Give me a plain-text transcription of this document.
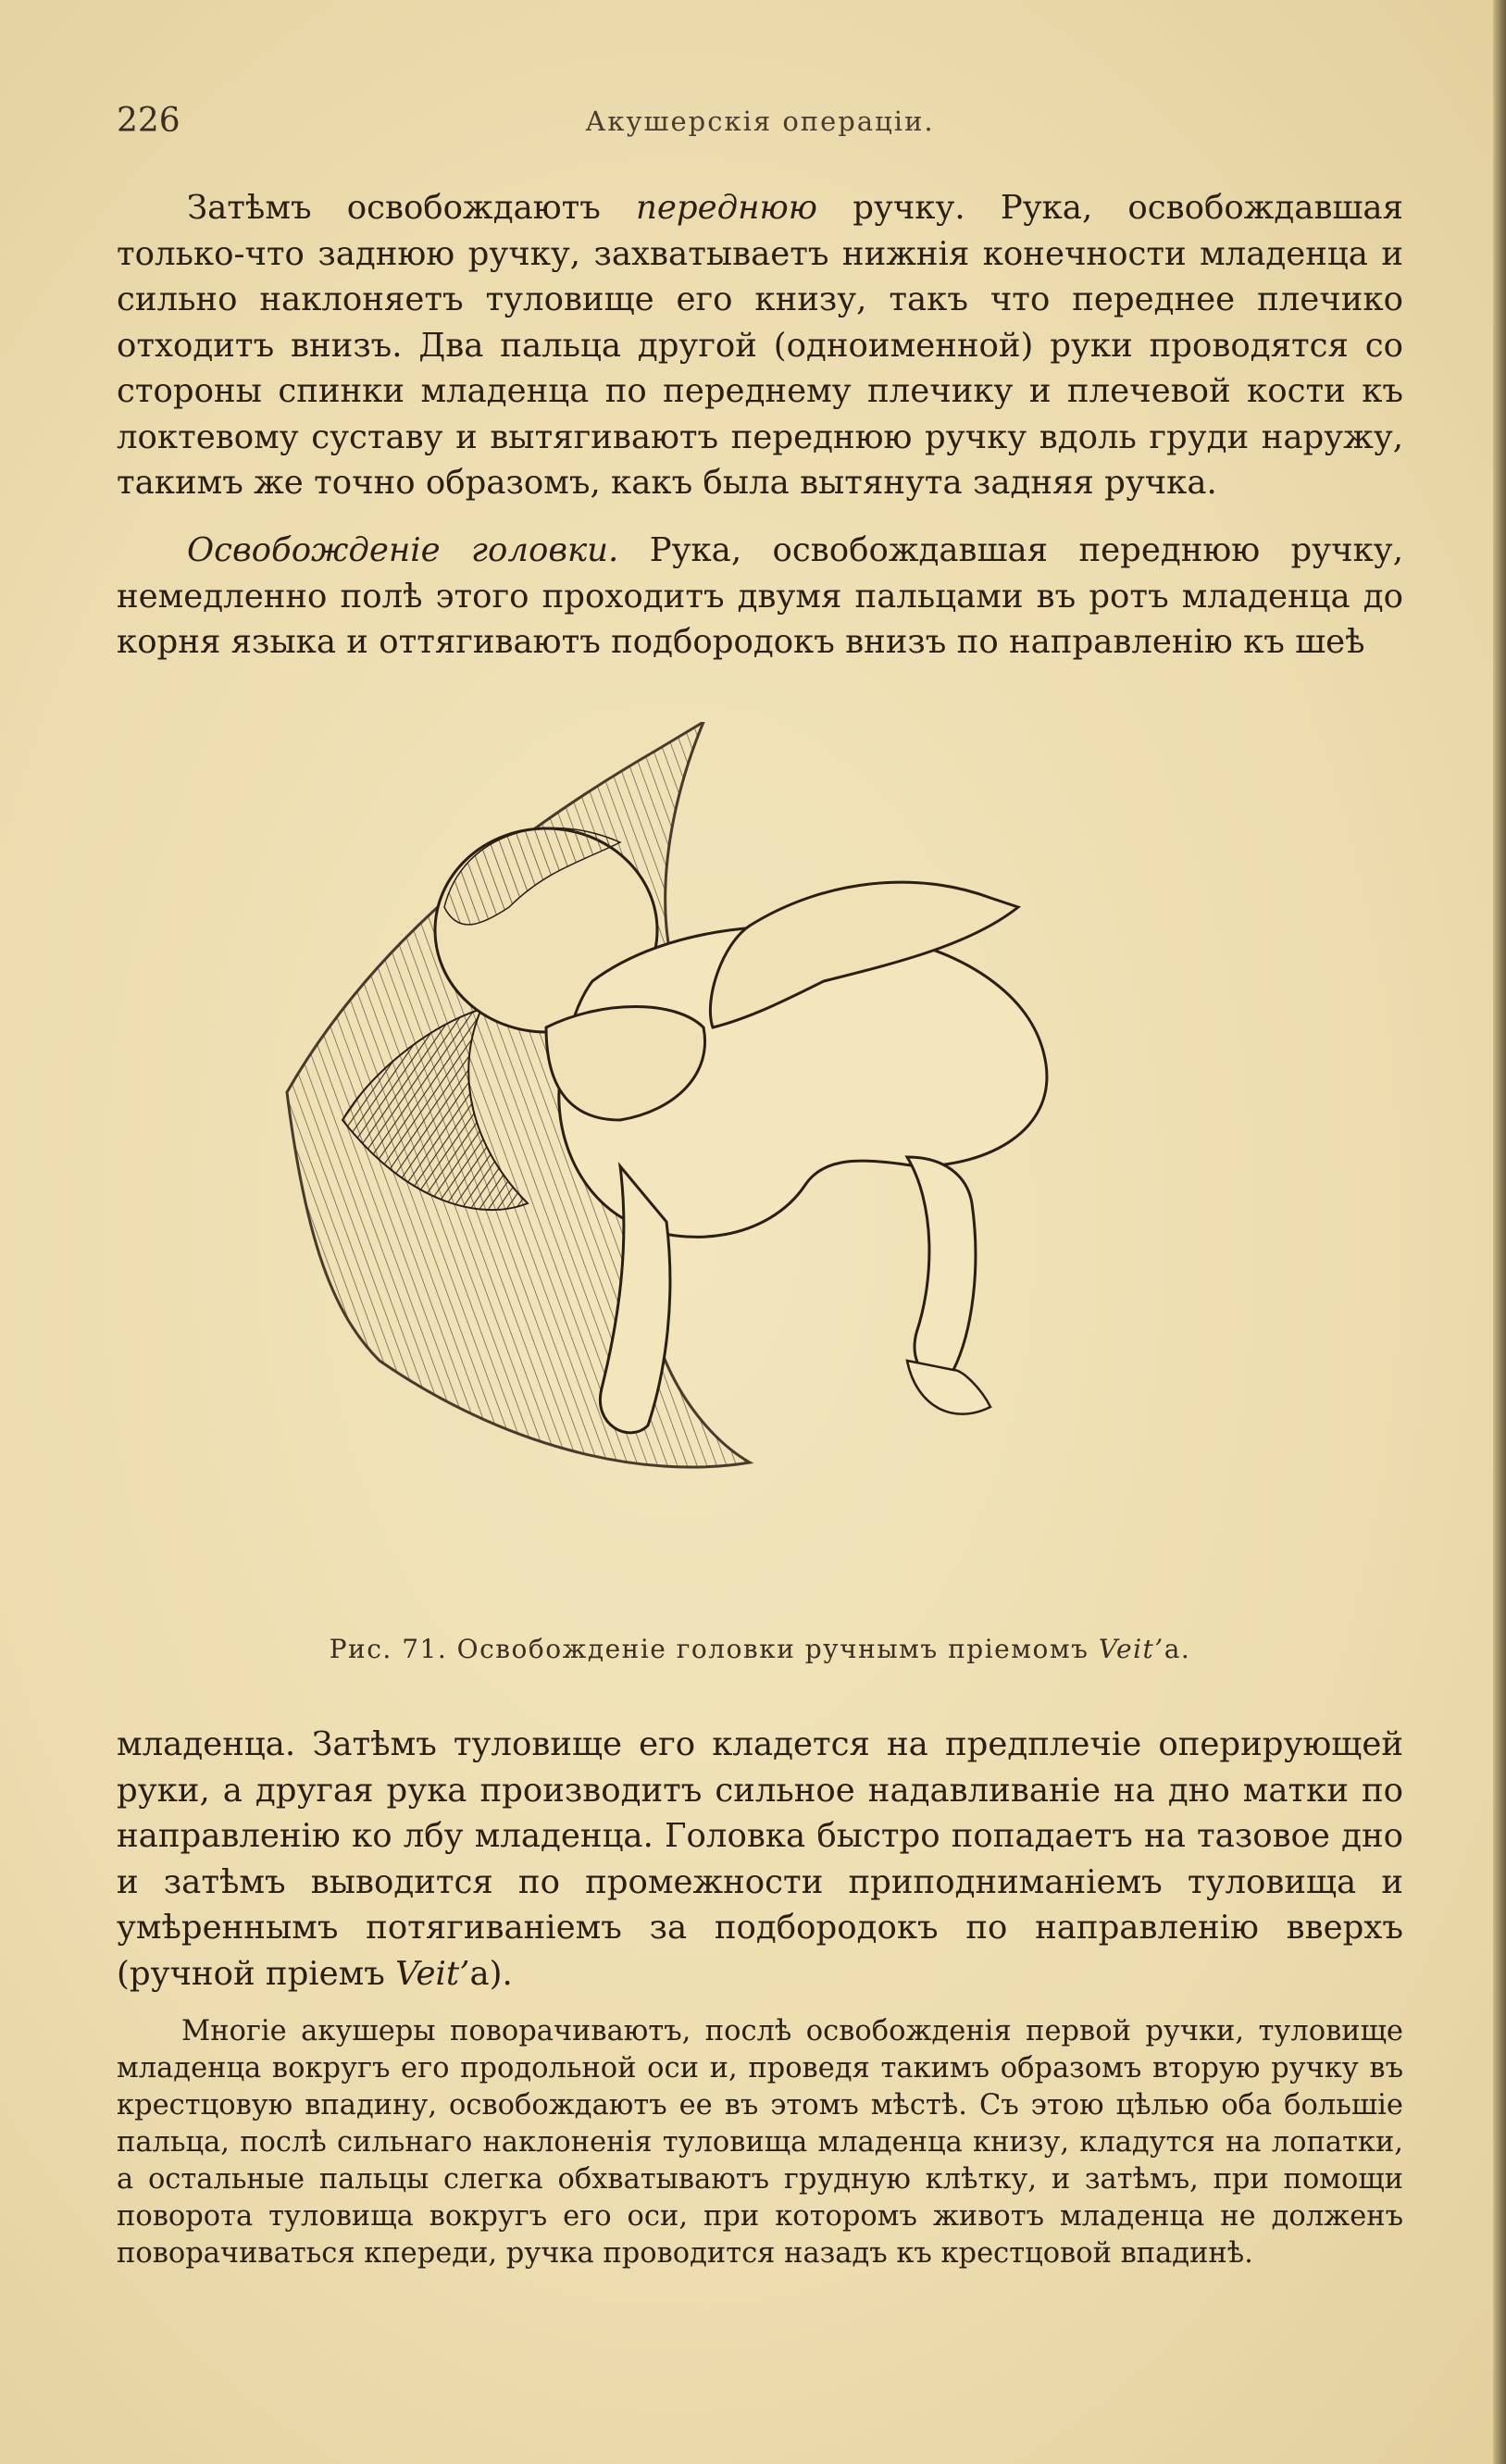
226	Акушерскія операціи.

Затѣмъ освобождаютъ переднюю ручку. Рука, освобождавшая только-что заднюю ручку, захватываетъ нижнія конечности младенца и сильно наклоняетъ туловище его книзу, такъ что переднее плечико отходитъ внизъ. Два пальца другой (одноименной) руки проводятся со стороны спинки младенца по переднему плечику и плечевой кости къ локтевому суставу и вытягиваютъ переднюю ручку вдоль груди наружу, такимъ же точно образомъ, какъ была вытянута задняя ручка.

Освобожденіе головки. Рука, освобождавшая переднюю ручку, немедленно полѣ этого проходитъ двумя пальцами въ ротъ младенца до корня языка и оттягиваютъ подбородокъ внизъ по направленію къ шеѣ

Рис. 71. Освобожденіе головки ручнымъ пріемомъ Veit’а.

младенца. Затѣмъ туловище его кладется на предплечіе оперирующей руки, а другая рука производитъ сильное надавливаніе на дно матки по направленію ко лбу младенца. Головка быстро попадаетъ на тазовое дно и затѣмъ выводится по промежности приподниманіемъ туловища и умѣреннымъ потягиваніемъ за подбородокъ по направленію вверхъ (ручной пріемъ Veit’а).

Многіе акушеры поворачиваютъ, послѣ освобожденія первой ручки, туловище младенца вокругъ его продольной оси и, проведя такимъ образомъ вторую ручку въ крестцовую впадину, освобождаютъ ее въ этомъ мѣстѣ. Съ этою цѣлью оба большіе пальца, послѣ сильнаго наклоненія туловища младенца книзу, кладутся на лопатки, а остальные пальцы слегка обхватываютъ грудную клѣтку, и затѣмъ, при помощи поворота туловища вокругъ его оси, при которомъ животъ младенца не долженъ поворачиваться кпереди, ручка проводится назадъ къ крестцовой впадинѣ.
